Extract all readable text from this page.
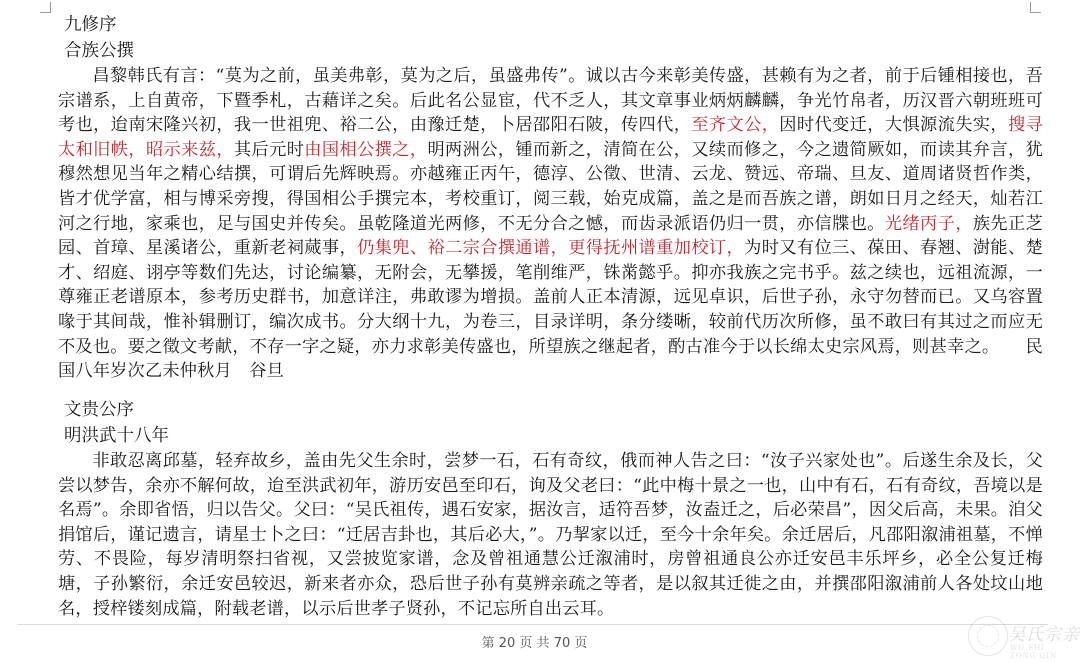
九修序
合族公撰

昌黎韩氏有言：“莫为之前，虽美弗彰，莫为之后，虽盛弗传”。诚以古今来彰美传盛，甚赖有为之者，前于后锺相接也，吾宗谱系，上自黄帝，下暨季札，古藉详之矣。后此名公显宦，代不乏人，其文章事业炳炳麟麟，争光竹帛者，历汉晋六朝班班可考也，迨南宋隆兴初，我一世祖兜、裕二公，由豫迁楚，卜居邵阳石陂，传四代，至齐文公，因时代变迁，大惧源流失实，搜寻太和旧帙，昭示来兹，其后元时由国相公撰之，明两洲公，锺而新之，清简在公，又续而修之，今之遗简厥如，而读其弁言，犹穆然想见当年之精心结撰，可谓后先辉映焉。亦越雍正丙午，德淳、公徵、世清、云龙、赞远、帝瑞、旦友、道周诸贤哲作类，皆才优学富，相与博采旁搜，得国相公手撰完本，考校重订，阅三载，始克成篇，盖之是而吾族之谱，朗如日月之经天，灿若江河之行地，家乘也，足与国史并传矣。虽乾隆道光两修，不无分合之憾，而齿录派语仍归一贯，亦信牒也。光绪丙子，族先正芝园、首璋、星溪诸公，重新老祠蒇事，仍集兜、裕二宗合撰通谱，更得抚州谱重加校订，为时又有位三、葆田、春翘、澍能、楚才、绍庭、诩亭等数们先达，讨论编纂，无附会，无攀援，笔削维严，铢黹懿乎。抑亦我族之完书乎。兹之续也，远祖流源，一尊雍正老谱原本，参考历史群书，加意详注，弗敢谬为增损。盖前人正本清源，远见卓识，后世子孙，永守勿替而已。又乌容置喙于其间哉，惟补辑删订，编次成书。分大纲十九，为卷三，目录详明，条分缕晰，较前代历次所修，虽不敢曰有其过之而应无不及也。要之徵文考献，不存一字之疑，亦力求彰美传盛也，所望族之继起者，酌古准今于以长绵太史宗风焉，则甚幸之。　　民国八年岁次乙未仲秋月　谷旦

文贵公序
明洪武十八年

非敢忍离邱墓，轻弃故乡，盖由先父生余时，尝梦一石，石有奇纹，俄而神人告之曰：“汝子兴家处也”。后遂生余及长，父尝以梦告，余亦不解何故，迨至洪武初年，游历安邑至印石，询及父老曰：“此中梅十景之一也，山中有石，石有奇纹，吾境以是名焉”。余即省悟，归以告父。父曰：“吴氏祖传，遇石安家，据汝言，适符吾梦，汝盍迁之，后必荣昌”，因父后高，未果。洎父捐馆后，谨记遗言，请星士卜之曰：“迁居吉卦也，其后必大，”。乃挈家以迁，至今十余年矣。余迁居后，凡邵阳溆浦祖墓，不惮劳、不畏险，每岁清明祭扫省视，又尝披览家谱，念及曾祖通慧公迁溆浦时，房曾祖通良公亦迁安邑丰乐坪乡，必全公复迁梅塘，子孙繁衍，余迁安邑较迟，新来者亦众，恐后世子孙有莫辨亲疏之等者，是以叙其迁徙之由，并撰邵阳溆浦前人各处坟山地名，授梓镂刻成篇，附载老谱，以示后世孝子贤孙，不记忘所自出云耳。

第 20 页 共 70 页	吴氏宗亲
WU SHI ZONG QIN
